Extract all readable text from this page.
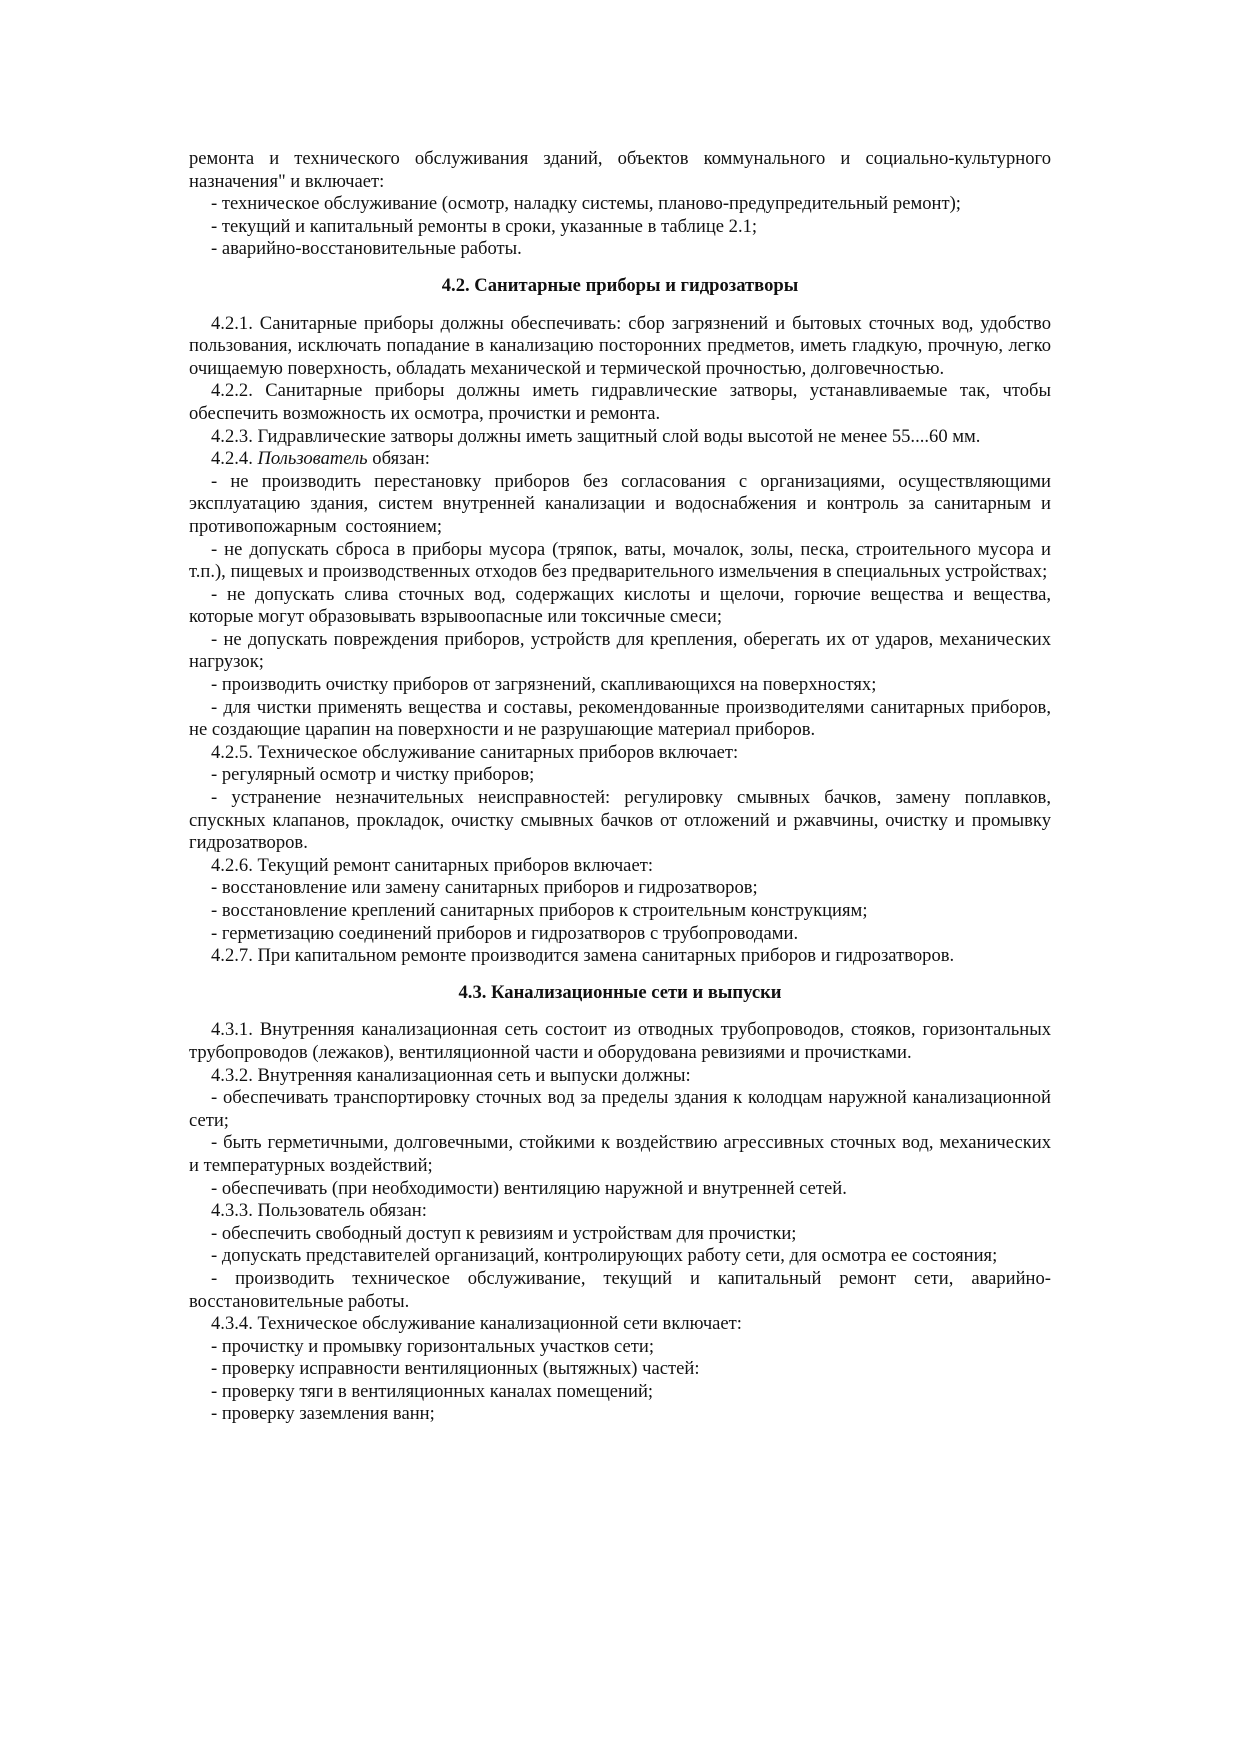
ремонта и технического обслуживания зданий, объектов коммунального и социально-культурного назначения" и включает:

- техническое обслуживание (осмотр, наладку системы, планово-предупредительный ремонт);

- текущий и капитальный ремонты в сроки, указанные в таблице 2.1;

- аварийно-восстановительные работы.

4.2. Санитарные приборы и гидрозатворы

4.2.1. Санитарные приборы должны обеспечивать: сбор загрязнений и бытовых сточных вод, удобство пользования, исключать попадание в канализацию посторонних предметов, иметь гладкую, прочную, легко очищаемую поверхность, обладать механической и термической прочностью, долговечностью.

4.2.2. Санитарные приборы должны иметь гидравлические затворы, устанавливаемые так, чтобы обеспечить возможность их осмотра, прочистки и ремонта.

4.2.3. Гидравлические затворы должны иметь защитный слой воды высотой не менее 55....60 мм.

4.2.4. Пользователь обязан:

- не производить перестановку приборов без согласования с организациями, осуществляющими эксплуатацию здания, систем внутренней канализации и водоснабжения и контроль за санитарным и противопожарным состоянием;

- не допускать сброса в приборы мусора (тряпок, ваты, мочалок, золы, песка, строительного мусора и т.п.), пищевых и производственных отходов без предварительного измельчения в специальных устройствах;

- не допускать слива сточных вод, содержащих кислоты и щелочи, горючие вещества и вещества, которые могут образовывать взрывоопасные или токсичные смеси;

- не допускать повреждения приборов, устройств для крепления, оберегать их от ударов, механических нагрузок;

- производить очистку приборов от загрязнений, скапливающихся на поверхностях;

- для чистки применять вещества и составы, рекомендованные производителями санитарных приборов, не создающие царапин на поверхности и не разрушающие материал приборов.

4.2.5. Техническое обслуживание санитарных приборов включает:

- регулярный осмотр и чистку приборов;

- устранение незначительных неисправностей: регулировку смывных бачков, замену поплавков, спускных клапанов, прокладок, очистку смывных бачков от отложений и ржавчины, очистку и промывку гидрозатворов.

4.2.6. Текущий ремонт санитарных приборов включает:

- восстановление или замену санитарных приборов и гидрозатворов;

- восстановление креплений санитарных приборов к строительным конструкциям;

- герметизацию соединений приборов и гидрозатворов с трубопроводами.

4.2.7. При капитальном ремонте производится замена санитарных приборов и гидрозатворов.

4.3. Канализационные сети и выпуски

4.3.1. Внутренняя канализационная сеть состоит из отводных трубопроводов, стояков, горизонтальных трубопроводов (лежаков), вентиляционной части и оборудована ревизиями и прочистками.

4.3.2. Внутренняя канализационная сеть и выпуски должны:

- обеспечивать транспортировку сточных вод за пределы здания к колодцам наружной канализационной сети;

- быть герметичными, долговечными, стойкими к воздействию агрессивных сточных вод, механических и температурных воздействий;

- обеспечивать (при необходимости) вентиляцию наружной и внутренней сетей.

4.3.3. Пользователь обязан:

- обеспечить свободный доступ к ревизиям и устройствам для прочистки;

- допускать представителей организаций, контролирующих работу сети, для осмотра ее состояния;

- производить техническое обслуживание, текущий и капитальный ремонт сети, аварийно-восстановительные работы.

4.3.4. Техническое обслуживание канализационной сети включает:

- прочистку и промывку горизонтальных участков сети;

- проверку исправности вентиляционных (вытяжных) частей:

- проверку тяги в вентиляционных каналах помещений;

- проверку заземления ванн;
